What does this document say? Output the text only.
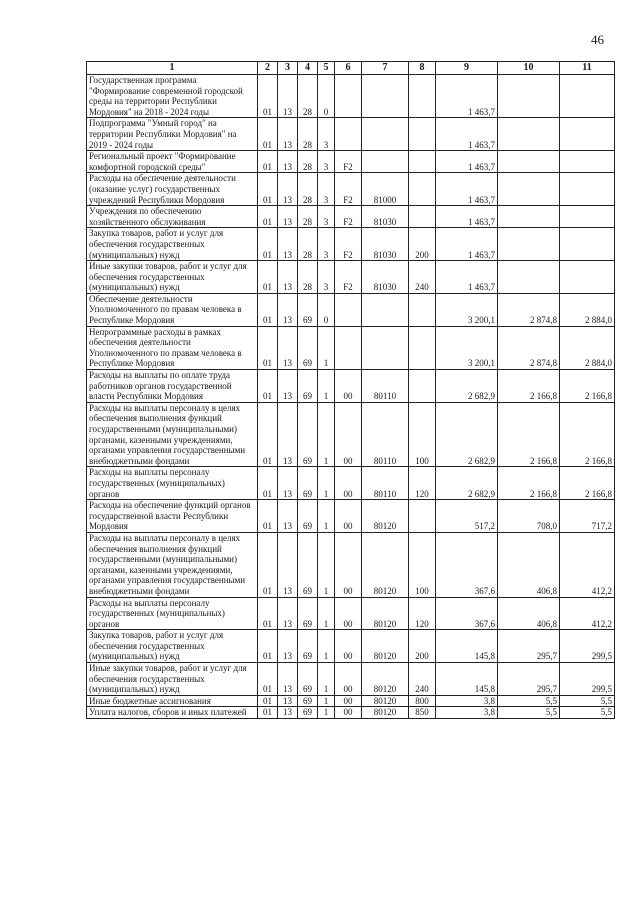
46
1	2	3	4	5	6	7	8	9	10	11
Государственная программа "Формирование современной городской среды на территории Республики Мордовия" на 2018 - 2024 годы	01	13	28	0				1 463,7		
Подпрограмма "Умный город" на территории Республики Мордовия" на 2019 - 2024 годы	01	13	28	3				1 463,7		
Региональный проект "Формирование комфортной городской среды"	01	13	28	3	F2			1 463,7		
Расходы на обеспечение деятельности (оказание услуг) государственных учреждений Республики Мордовия	01	13	28	3	F2	81000		1 463,7		
Учреждения по обеспечению хозяйственного обслуживания	01	13	28	3	F2	81030		1 463,7		
Закупка товаров, работ и услуг для обеспечения государственных (муниципальных) нужд	01	13	28	3	F2	81030	200	1 463,7		
Иные закупки товаров, работ и услуг для обеспечения государственных (муниципальных) нужд	01	13	28	3	F2	81030	240	1 463,7		
Обеспечение деятельности Уполномоченного по правам человека в Республике Мордовия	01	13	69	0				3 200,1	2 874,8	2 884,0
Непрограммные расходы в рамках обеспечения деятельности Уполномоченного по правам человека в Республике Мордовия	01	13	69	1				3 200,1	2 874,8	2 884,0
Расходы на выплаты по оплате труда работников органов государственной власти Республики Мордовия	01	13	69	1	00	80110		2 682,9	2 166,8	2 166,8
Расходы на выплаты персоналу в целях обеспечения выполнения функций государственными (муниципальными) органами, казенными учреждениями, органами управления государственными внебюджетными фондами	01	13	69	1	00	80110	100	2 682,9	2 166,8	2 166,8
Расходы на выплаты персоналу государственных (муниципальных) органов	01	13	69	1	00	80110	120	2 682,9	2 166,8	2 166,8
Расходы на обеспечение функций органов государственной власти Республики Мордовия	01	13	69	1	00	80120		517,2	708,0	717,2
Расходы на выплаты персоналу в целях обеспечения выполнения функций государственными (муниципальными) органами, казенными учреждениями, органами управления государственными внебюджетными фондами	01	13	69	1	00	80120	100	367,6	406,8	412,2
Расходы на выплаты персоналу государственных (муниципальных) органов	01	13	69	1	00	80120	120	367,6	406,8	412,2
Закупка товаров, работ и услуг для обеспечения государственных (муниципальных) нужд	01	13	69	1	00	80120	200	145,8	295,7	299,5
Иные закупки товаров, работ и услуг для обеспечения государственных (муниципальных) нужд	01	13	69	1	00	80120	240	145,8	295,7	299,5
Иные бюджетные ассигнования	01	13	69	1	00	80120	800	3,8	5,5	5,5
Уплата налогов, сборов и иных платежей	01	13	69	1	00	80120	850	3,8	5,5	5,5
